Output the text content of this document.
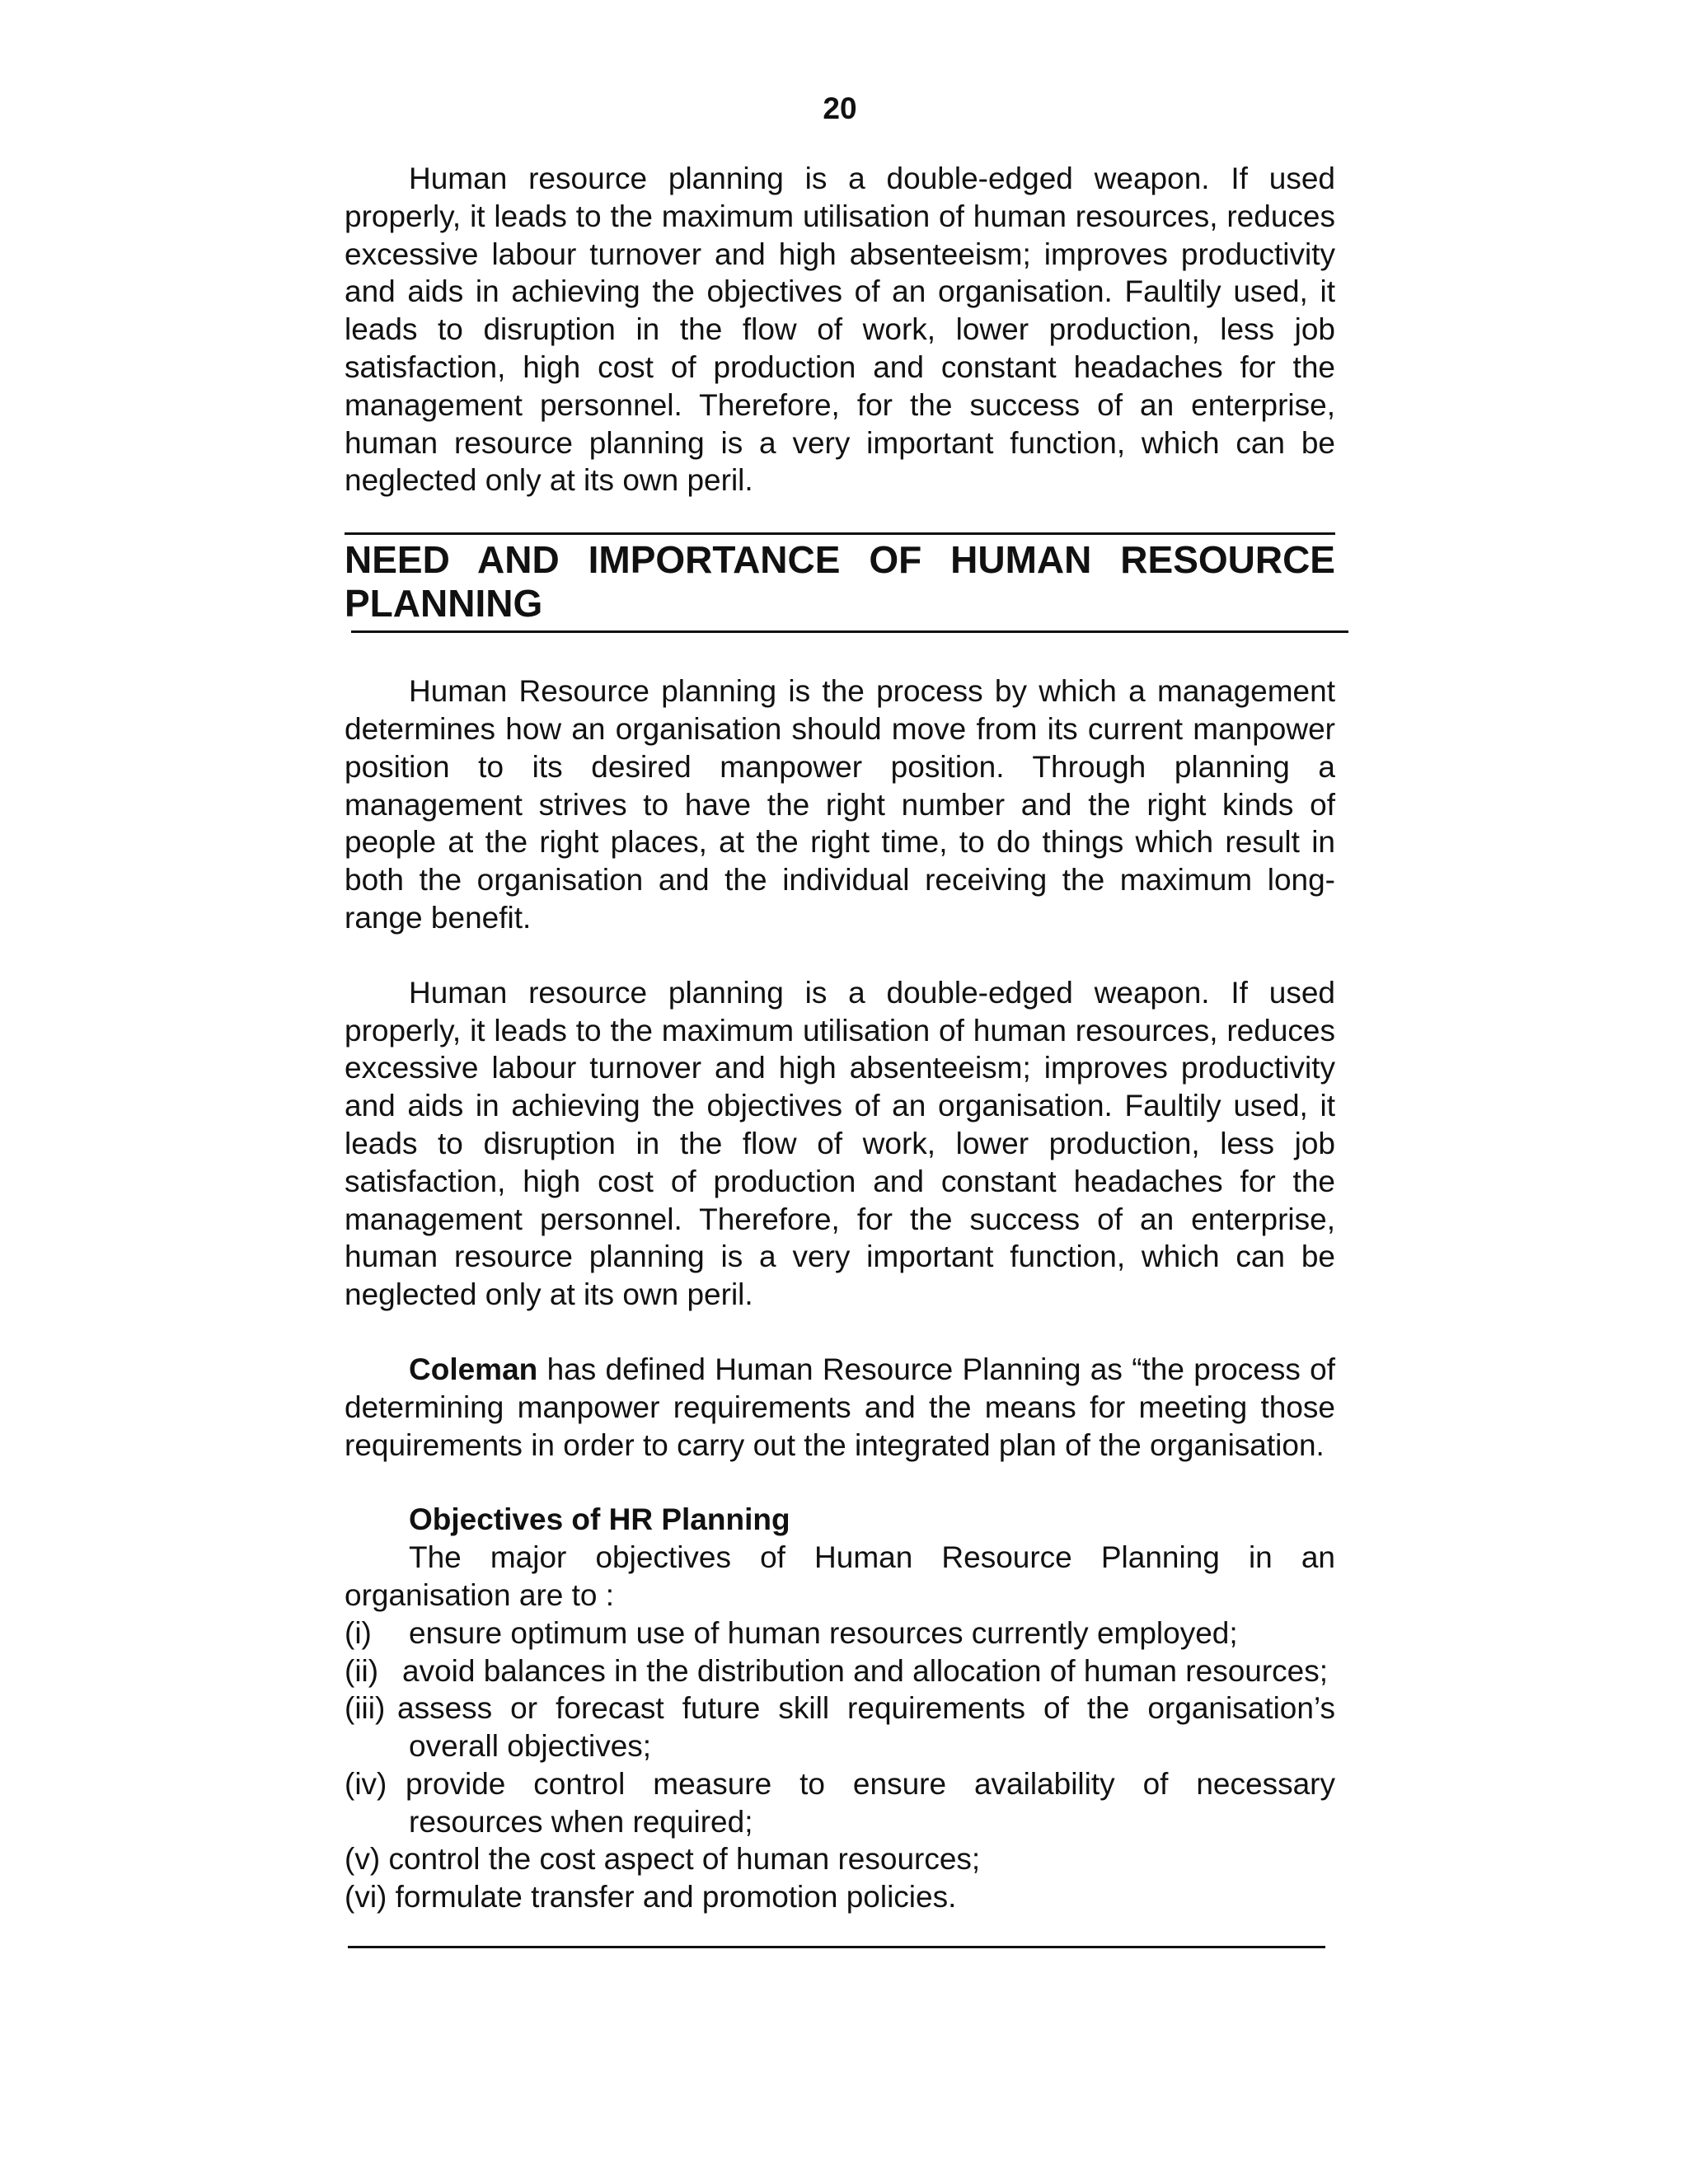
20

Human resource planning is a double-edged weapon. If used properly, it leads to the maximum utilisation of human resources, reduces excessive labour turnover and high absenteeism; improves productivity and aids in achieving the objectives of an organisation. Faultily used, it leads to disruption in the flow of work, lower production, less job satisfaction, high cost of production and constant headaches for the management personnel. Therefore, for the success of an enterprise, human resource planning is a very important function, which can be neglected only at its own peril.

NEED AND IMPORTANCE OF HUMAN RESOURCE PLANNING

Human Resource planning is the process by which a management determines how an organisation should move from its current manpower position to its desired manpower position. Through planning a management strives to have the right number and the right kinds of people at the right places, at the right time, to do things which result in both the organisation and the individual receiving the maximum long-range benefit.

Human resource planning is a double-edged weapon. If used properly, it leads to the maximum utilisation of human resources, reduces excessive labour turnover and high absenteeism; improves productivity and aids in achieving the objectives of an organisation. Faultily used, it leads to disruption in the flow of work, lower production, less job satisfaction, high cost of production and constant headaches for the management personnel. Therefore, for the success of an enterprise, human resource planning is a very important function, which can be neglected only at its own peril.

Coleman has defined Human Resource Planning as “the process of determining manpower requirements and the means for meeting those requirements in order to carry out the integrated plan of the organisation.

Objectives of HR Planning

The major objectives of Human Resource Planning in an organisation are to :

(i) ensure optimum use of human resources currently employed;
(ii) avoid balances in the distribution and allocation of human resources;
(iii) assess or forecast future skill requirements of the organisation’s overall objectives;
(iv) provide control measure to ensure availability of necessary resources when required;
(v) control the cost aspect of human resources;
(vi) formulate transfer and promotion policies.
